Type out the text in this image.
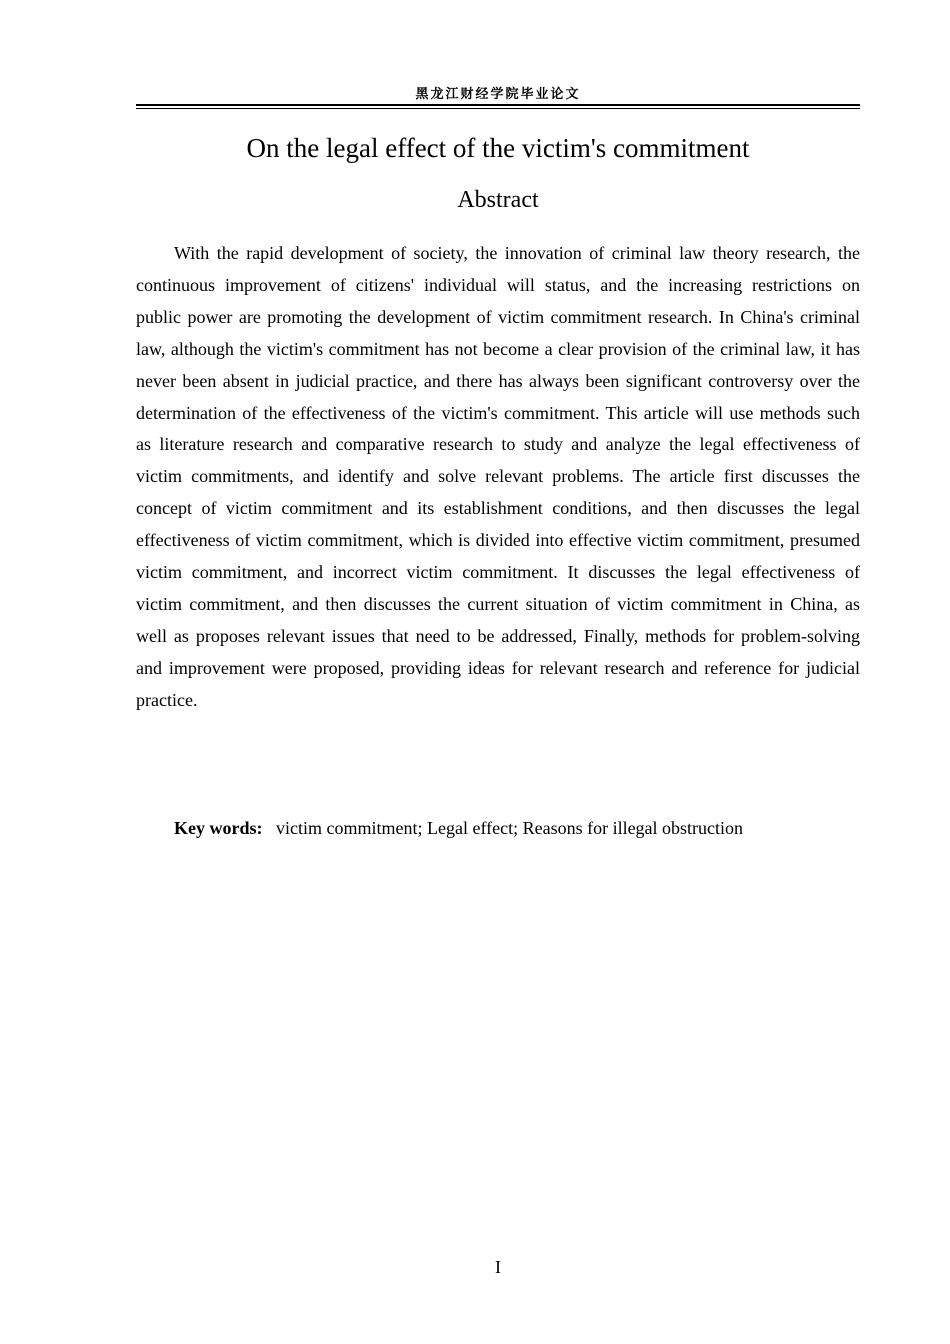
黑龙江财经学院毕业论文
On the legal effect of the victim's commitment
Abstract

With the rapid development of society, the innovation of criminal law theory research, the continuous improvement of citizens' individual will status, and the increasing restrictions on public power are promoting the development of victim commitment research. In China's criminal law, although the victim's commitment has not become a clear provision of the criminal law, it has never been absent in judicial practice, and there has always been significant controversy over the determination of the effectiveness of the victim's commitment. This article will use methods such as literature research and comparative research to study and analyze the legal effectiveness of victim commitments, and identify and solve relevant problems. The article first discusses the concept of victim commitment and its establishment conditions, and then discusses the legal effectiveness of victim commitment, which is divided into effective victim commitment, presumed victim commitment, and incorrect victim commitment. It discusses the legal effectiveness of victim commitment, and then discusses the current situation of victim commitment in China, as well as proposes relevant issues that need to be addressed, Finally, methods for problem-solving and improvement were proposed, providing ideas for relevant research and reference for judicial practice.

Key words: victim commitment; Legal effect; Reasons for illegal obstruction
I
